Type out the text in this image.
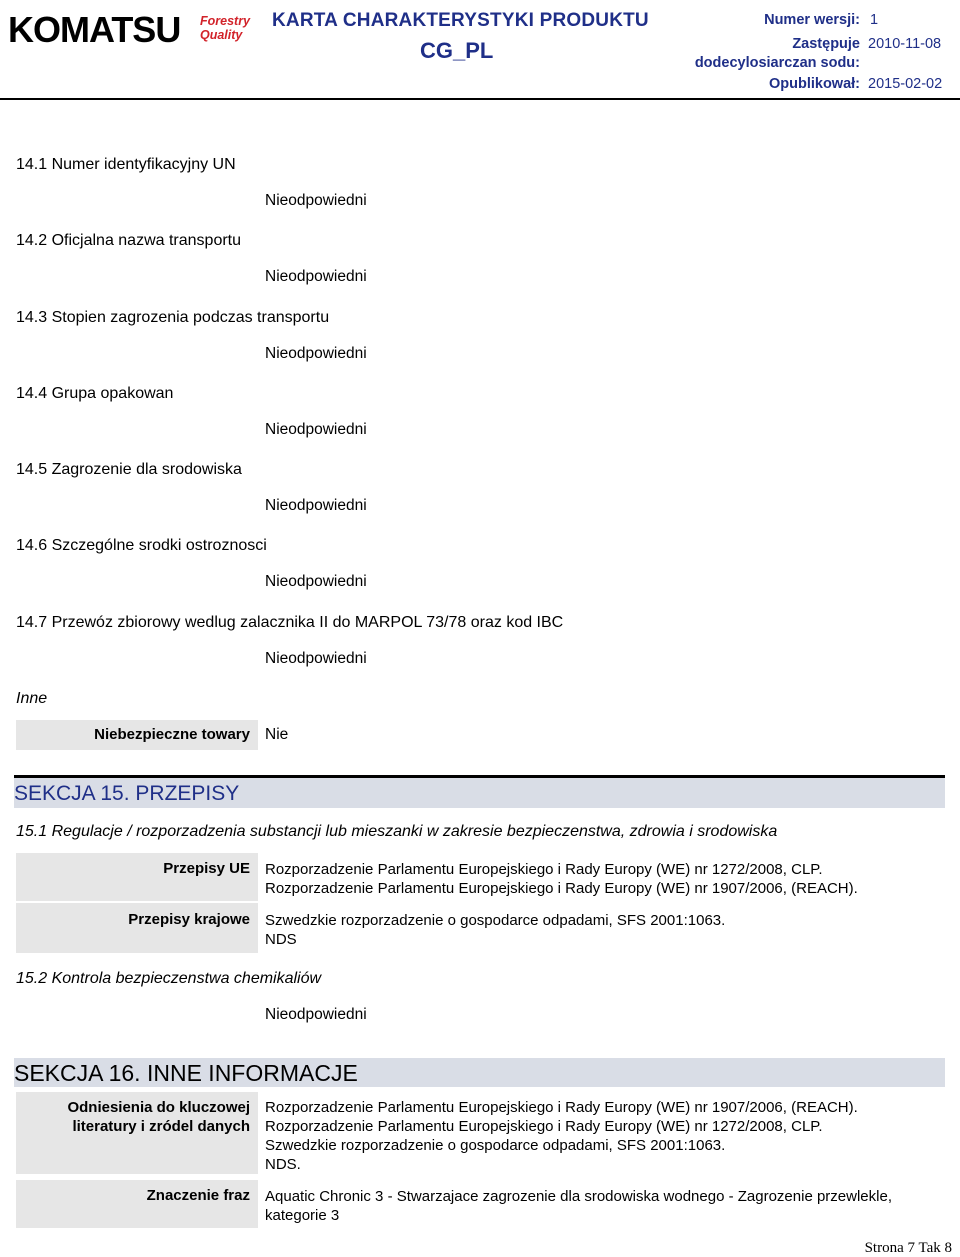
KOMATSU Forestry
Quality
KARTA CHARAKTERYSTYKI PRODUKTU
CG_PL
Numer wersji: 1
Zastępuje 2010-11-08
dodecylosiarczan sodu:
Opublikował: 2015-02-02
14.1 Numer identyfikacyjny UN
Nieodpowiedni
14.2 Oficjalna nazwa transportu
Nieodpowiedni
14.3 Stopien zagrozenia podczas transportu
Nieodpowiedni
14.4 Grupa opakowan
Nieodpowiedni
14.5 Zagrozenie dla srodowiska
Nieodpowiedni
14.6 Szczególne srodki ostroznosci
Nieodpowiedni
14.7 Przewóz zbiorowy wedlug zalacznika II do MARPOL 73/78 oraz kod IBC
Nieodpowiedni
Inne
Niebezpieczne towary Nie
SEKCJA 15. PRZEPISY
15.1 Regulacje / rozporzadzenia substancji lub mieszanki w zakresie bezpieczenstwa, zdrowia i srodowiska
Przepisy UE Rozporzadzenie Parlamentu Europejskiego i Rady Europy (WE) nr 1272/2008, CLP.
Rozporzadzenie Parlamentu Europejskiego i Rady Europy (WE) nr 1907/2006, (REACH).
Przepisy krajowe Szwedzkie rozporzadzenie o gospodarce odpadami, SFS 2001:1063.
NDS
15.2 Kontrola bezpieczenstwa chemikaliów
Nieodpowiedni
SEKCJA 16. INNE INFORMACJE
Odniesienia do kluczowej
literatury i zródel danych
Rozporzadzenie Parlamentu Europejskiego i Rady Europy (WE) nr 1907/2006, (REACH).
Rozporzadzenie Parlamentu Europejskiego i Rady Europy (WE) nr 1272/2008, CLP.
Szwedzkie rozporzadzenie o gospodarce odpadami, SFS 2001:1063.
NDS.
Znaczenie fraz Aquatic Chronic 3 - Stwarzajace zagrozenie dla srodowiska wodnego - Zagrozenie przewlekle,
kategorie 3
Strona 7 Tak 8
